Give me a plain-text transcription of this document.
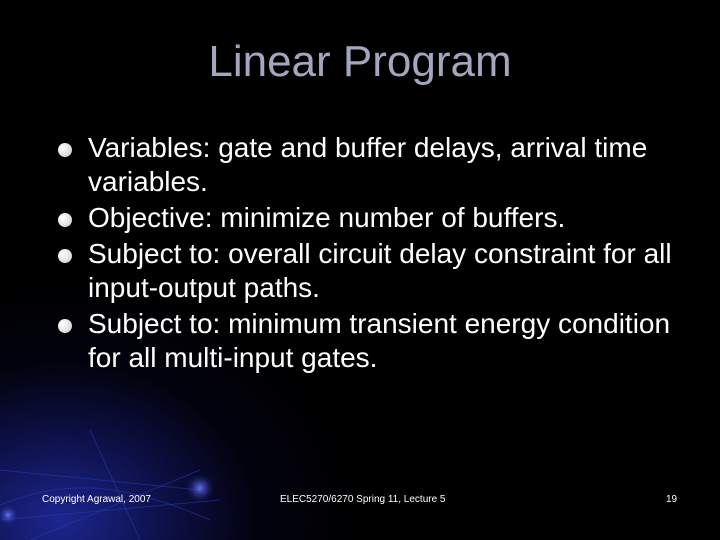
Linear Program
Variables: gate and buffer delays, arrival time variables.
Objective: minimize number of buffers.
Subject to: overall circuit delay constraint for all input-output paths.
Subject to: minimum transient energy condition for all multi-input gates.
Copyright Agrawal, 2007	ELEC5270/6270 Spring 11, Lecture 5	19
